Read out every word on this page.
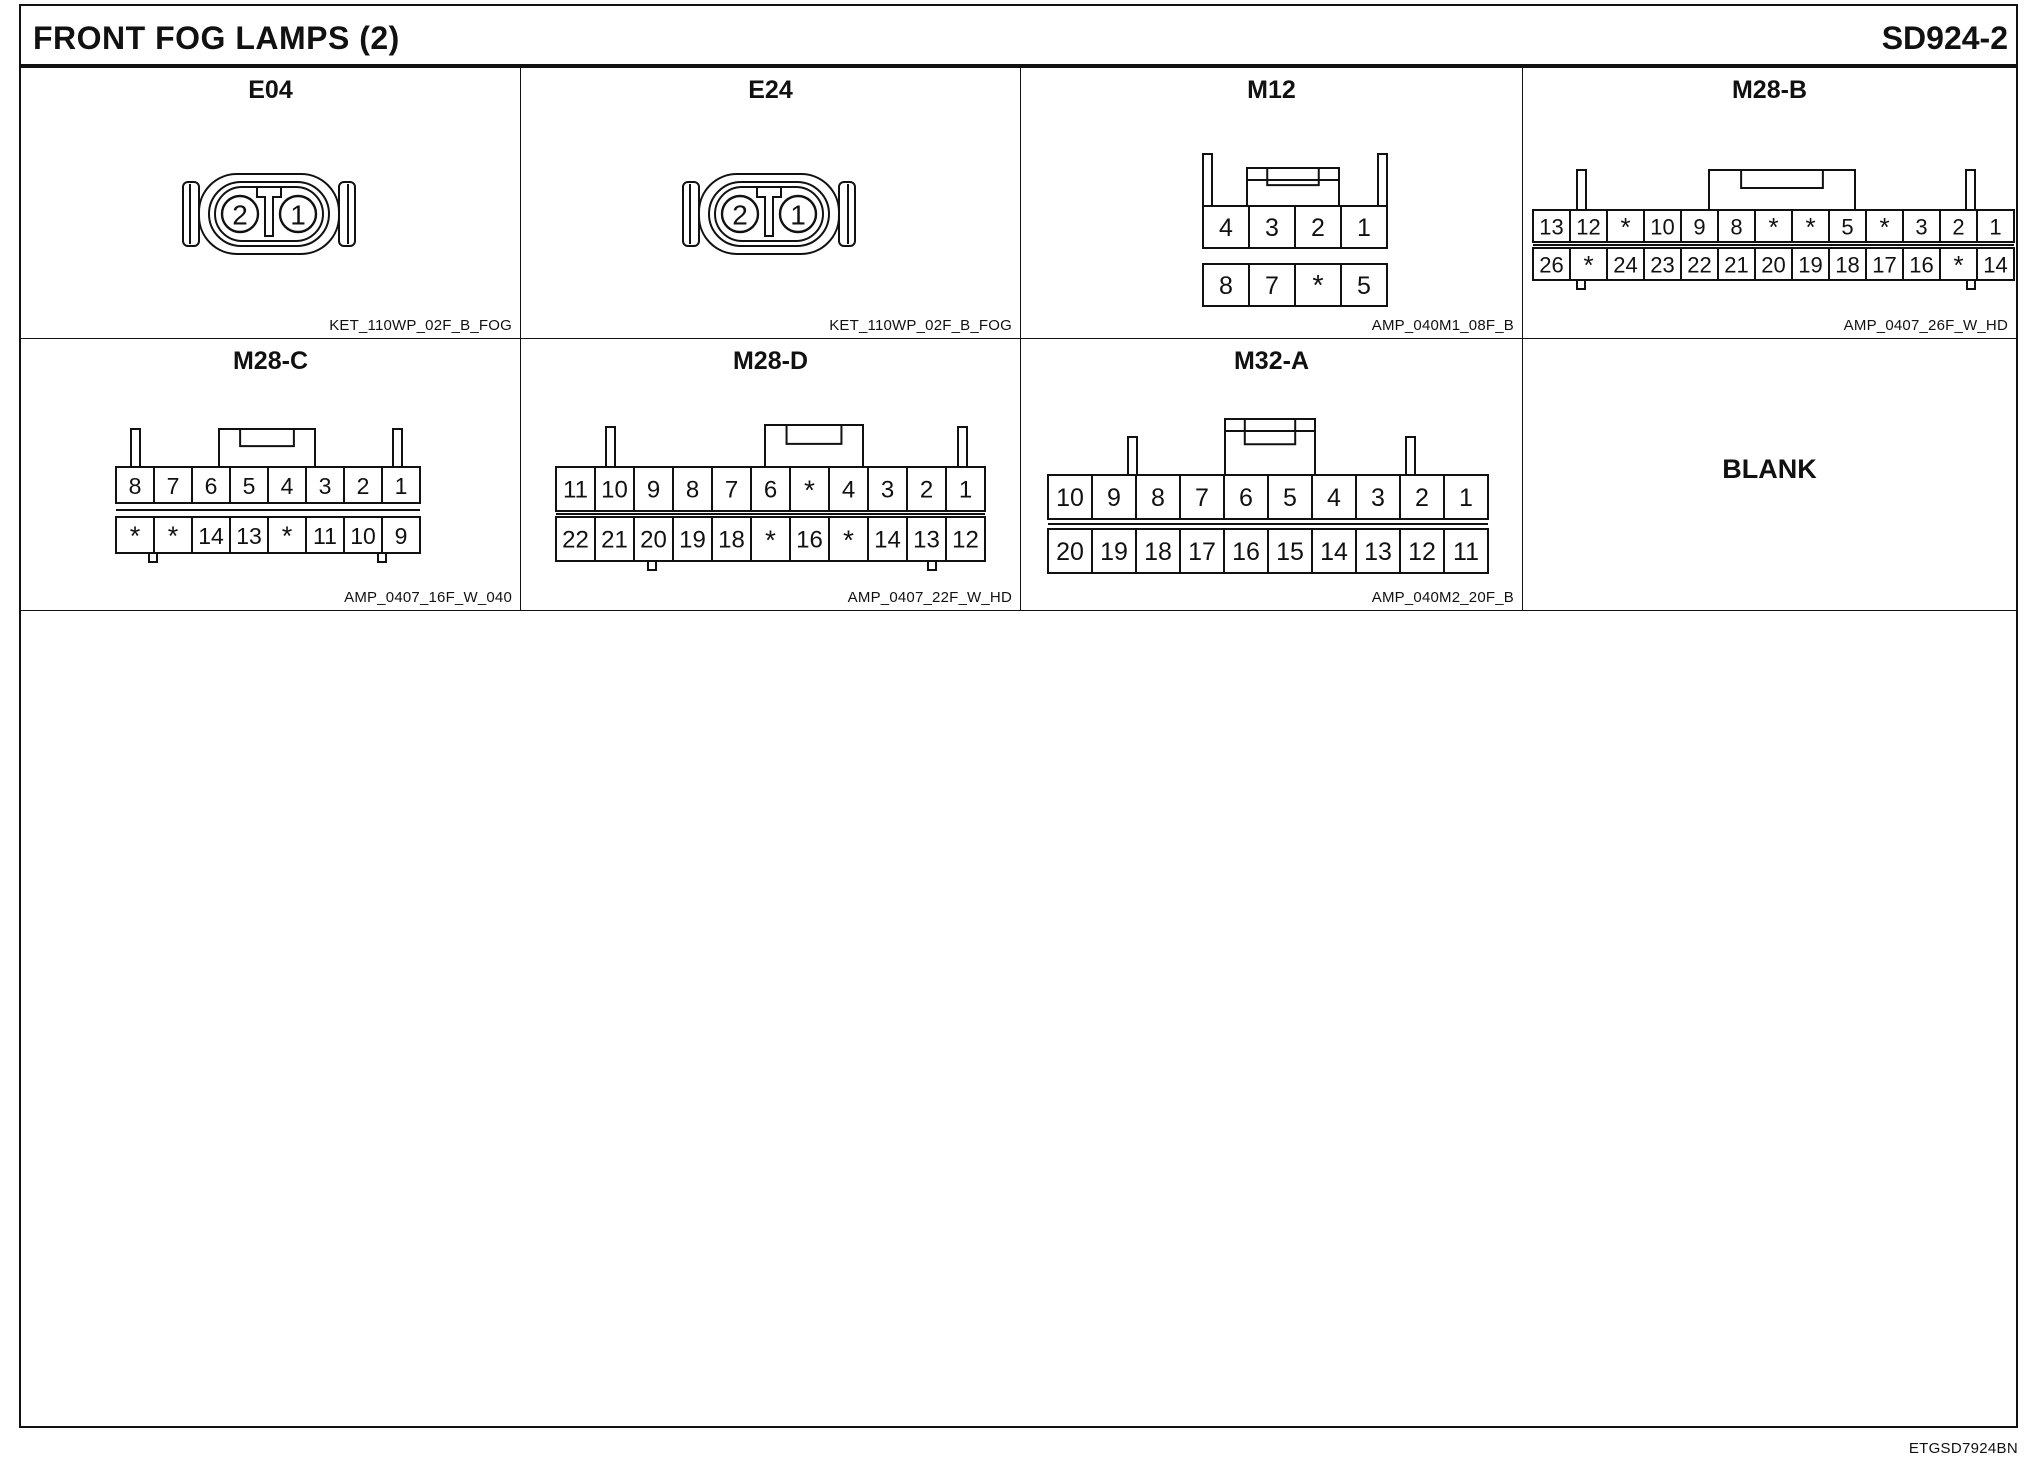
FRONT FOG LAMPS (2)	SD924-2
E04
2 1
KET_110WP_02F_B_FOG
E24
2 1
KET_110WP_02F_B_FOG
M12
4 3 2 1
8 7 * 5
AMP_040M1_08F_B
M28-B
13 12 * 10 9 8 * * 5 * 3 2 1
26 * 24 23 22 21 20 19 18 17 16 * 14
AMP_0407_26F_W_HD
M28-C
8 7 6 5 4 3 2 1
* * 14 13 * 11 10 9
AMP_0407_16F_W_040
M28-D
11 10 9 8 7 6 * 4 3 2 1
22 21 20 19 18 * 16 * 14 13 12
AMP_0407_22F_W_HD
M32-A
10 9 8 7 6 5 4 3 2 1
20 19 18 17 16 15 14 13 12 11
AMP_040M2_20F_B
BLANK
ETGSD7924BN
